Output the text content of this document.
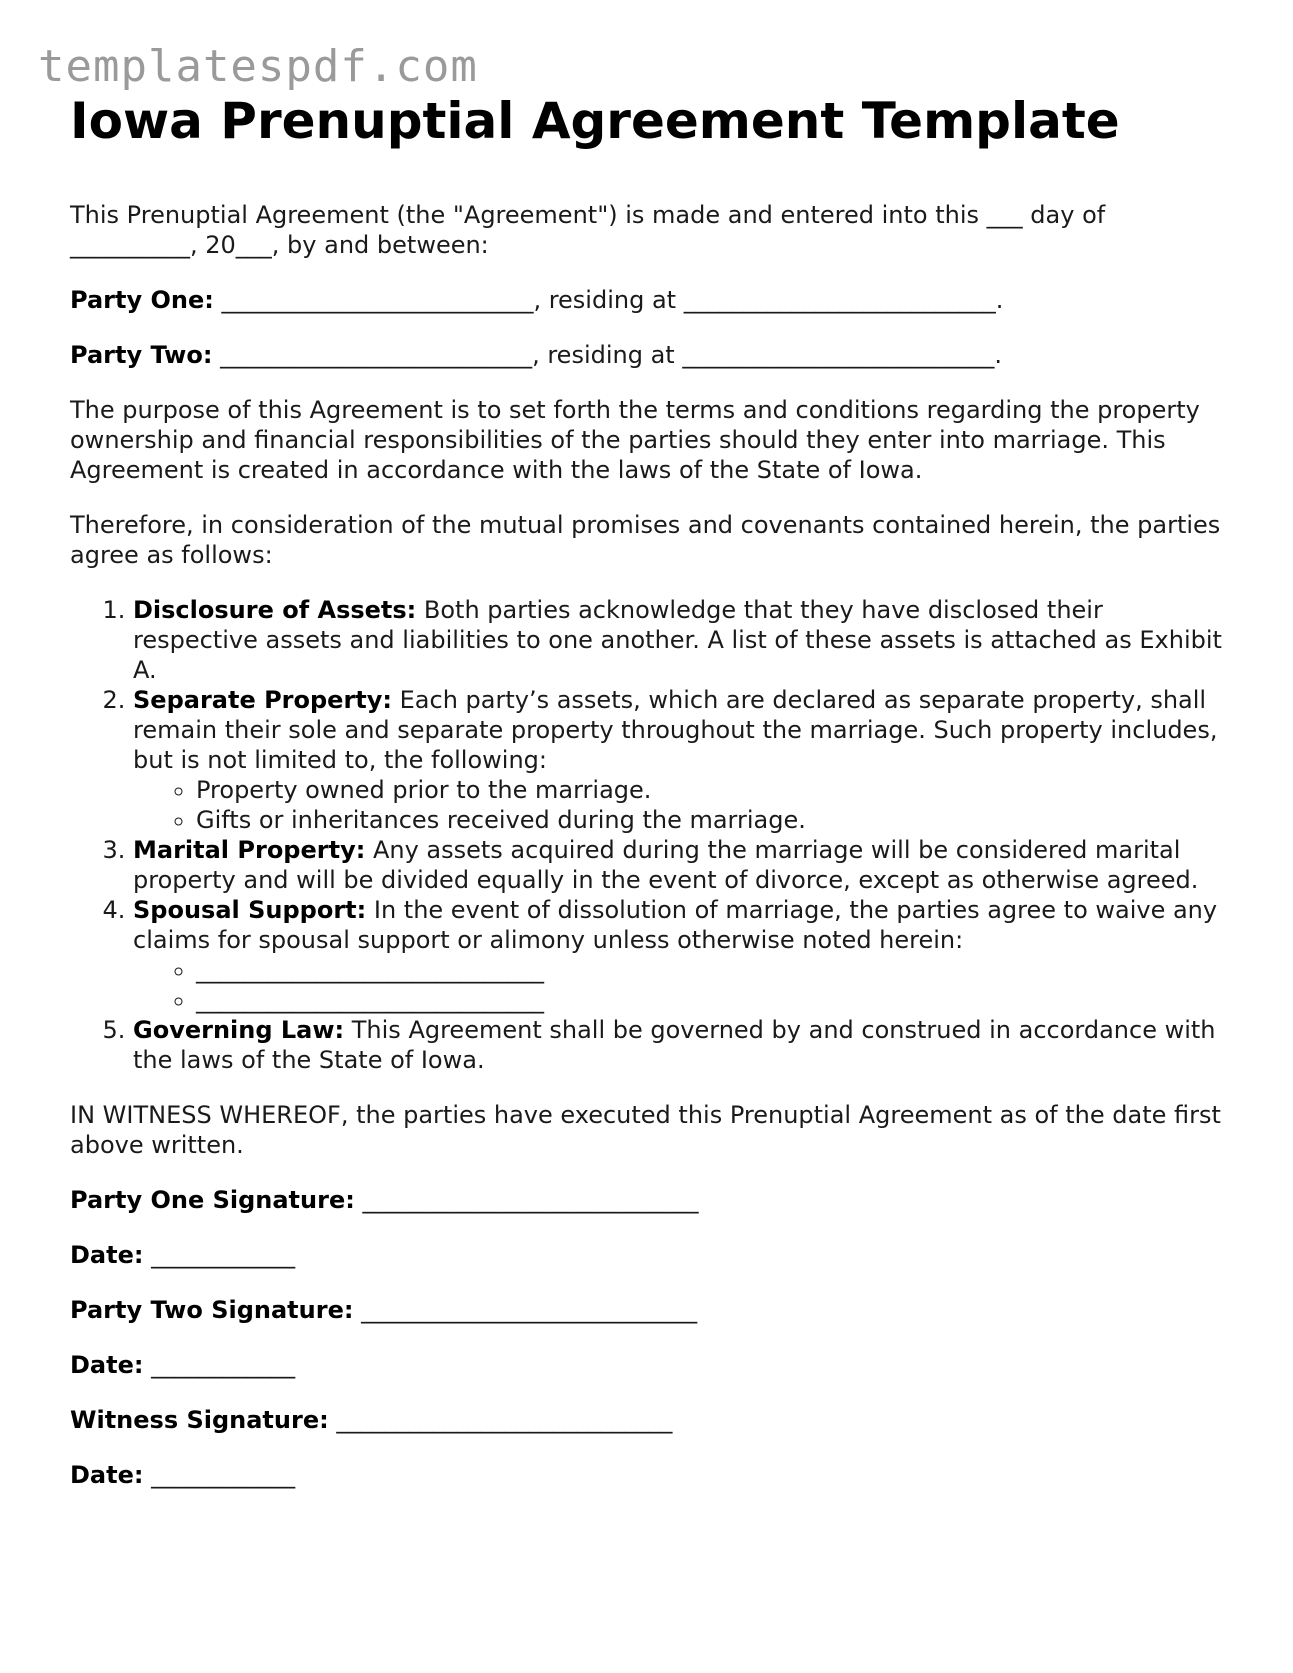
templatespdf.com
Iowa Prenuptial Agreement Template

This Prenuptial Agreement (the "Agreement") is made and entered into this ___ day of __________, 20___, by and between:

Party One: __________________________, residing at __________________________.

Party Two: __________________________, residing at __________________________.

The purpose of this Agreement is to set forth the terms and conditions regarding the property ownership and financial responsibilities of the parties should they enter into marriage. This Agreement is created in accordance with the laws of the State of Iowa.

Therefore, in consideration of the mutual promises and covenants contained herein, the parties agree as follows:

1. Disclosure of Assets: Both parties acknowledge that they have disclosed their respective assets and liabilities to one another. A list of these assets is attached as Exhibit A.
2. Separate Property: Each party’s assets, which are declared as separate property, shall remain their sole and separate property throughout the marriage. Such property includes, but is not limited to, the following:
◦ Property owned prior to the marriage.
◦ Gifts or inheritances received during the marriage.
3. Marital Property: Any assets acquired during the marriage will be considered marital property and will be divided equally in the event of divorce, except as otherwise agreed.
4. Spousal Support: In the event of dissolution of marriage, the parties agree to waive any claims for spousal support or alimony unless otherwise noted herein:
◦ _____________________________
◦ _____________________________
5. Governing Law: This Agreement shall be governed by and construed in accordance with the laws of the State of Iowa.

IN WITNESS WHEREOF, the parties have executed this Prenuptial Agreement as of the date first above written.

Party One Signature: ____________________________

Date: ____________

Party Two Signature: ____________________________

Date: ____________

Witness Signature: ____________________________

Date: ____________
